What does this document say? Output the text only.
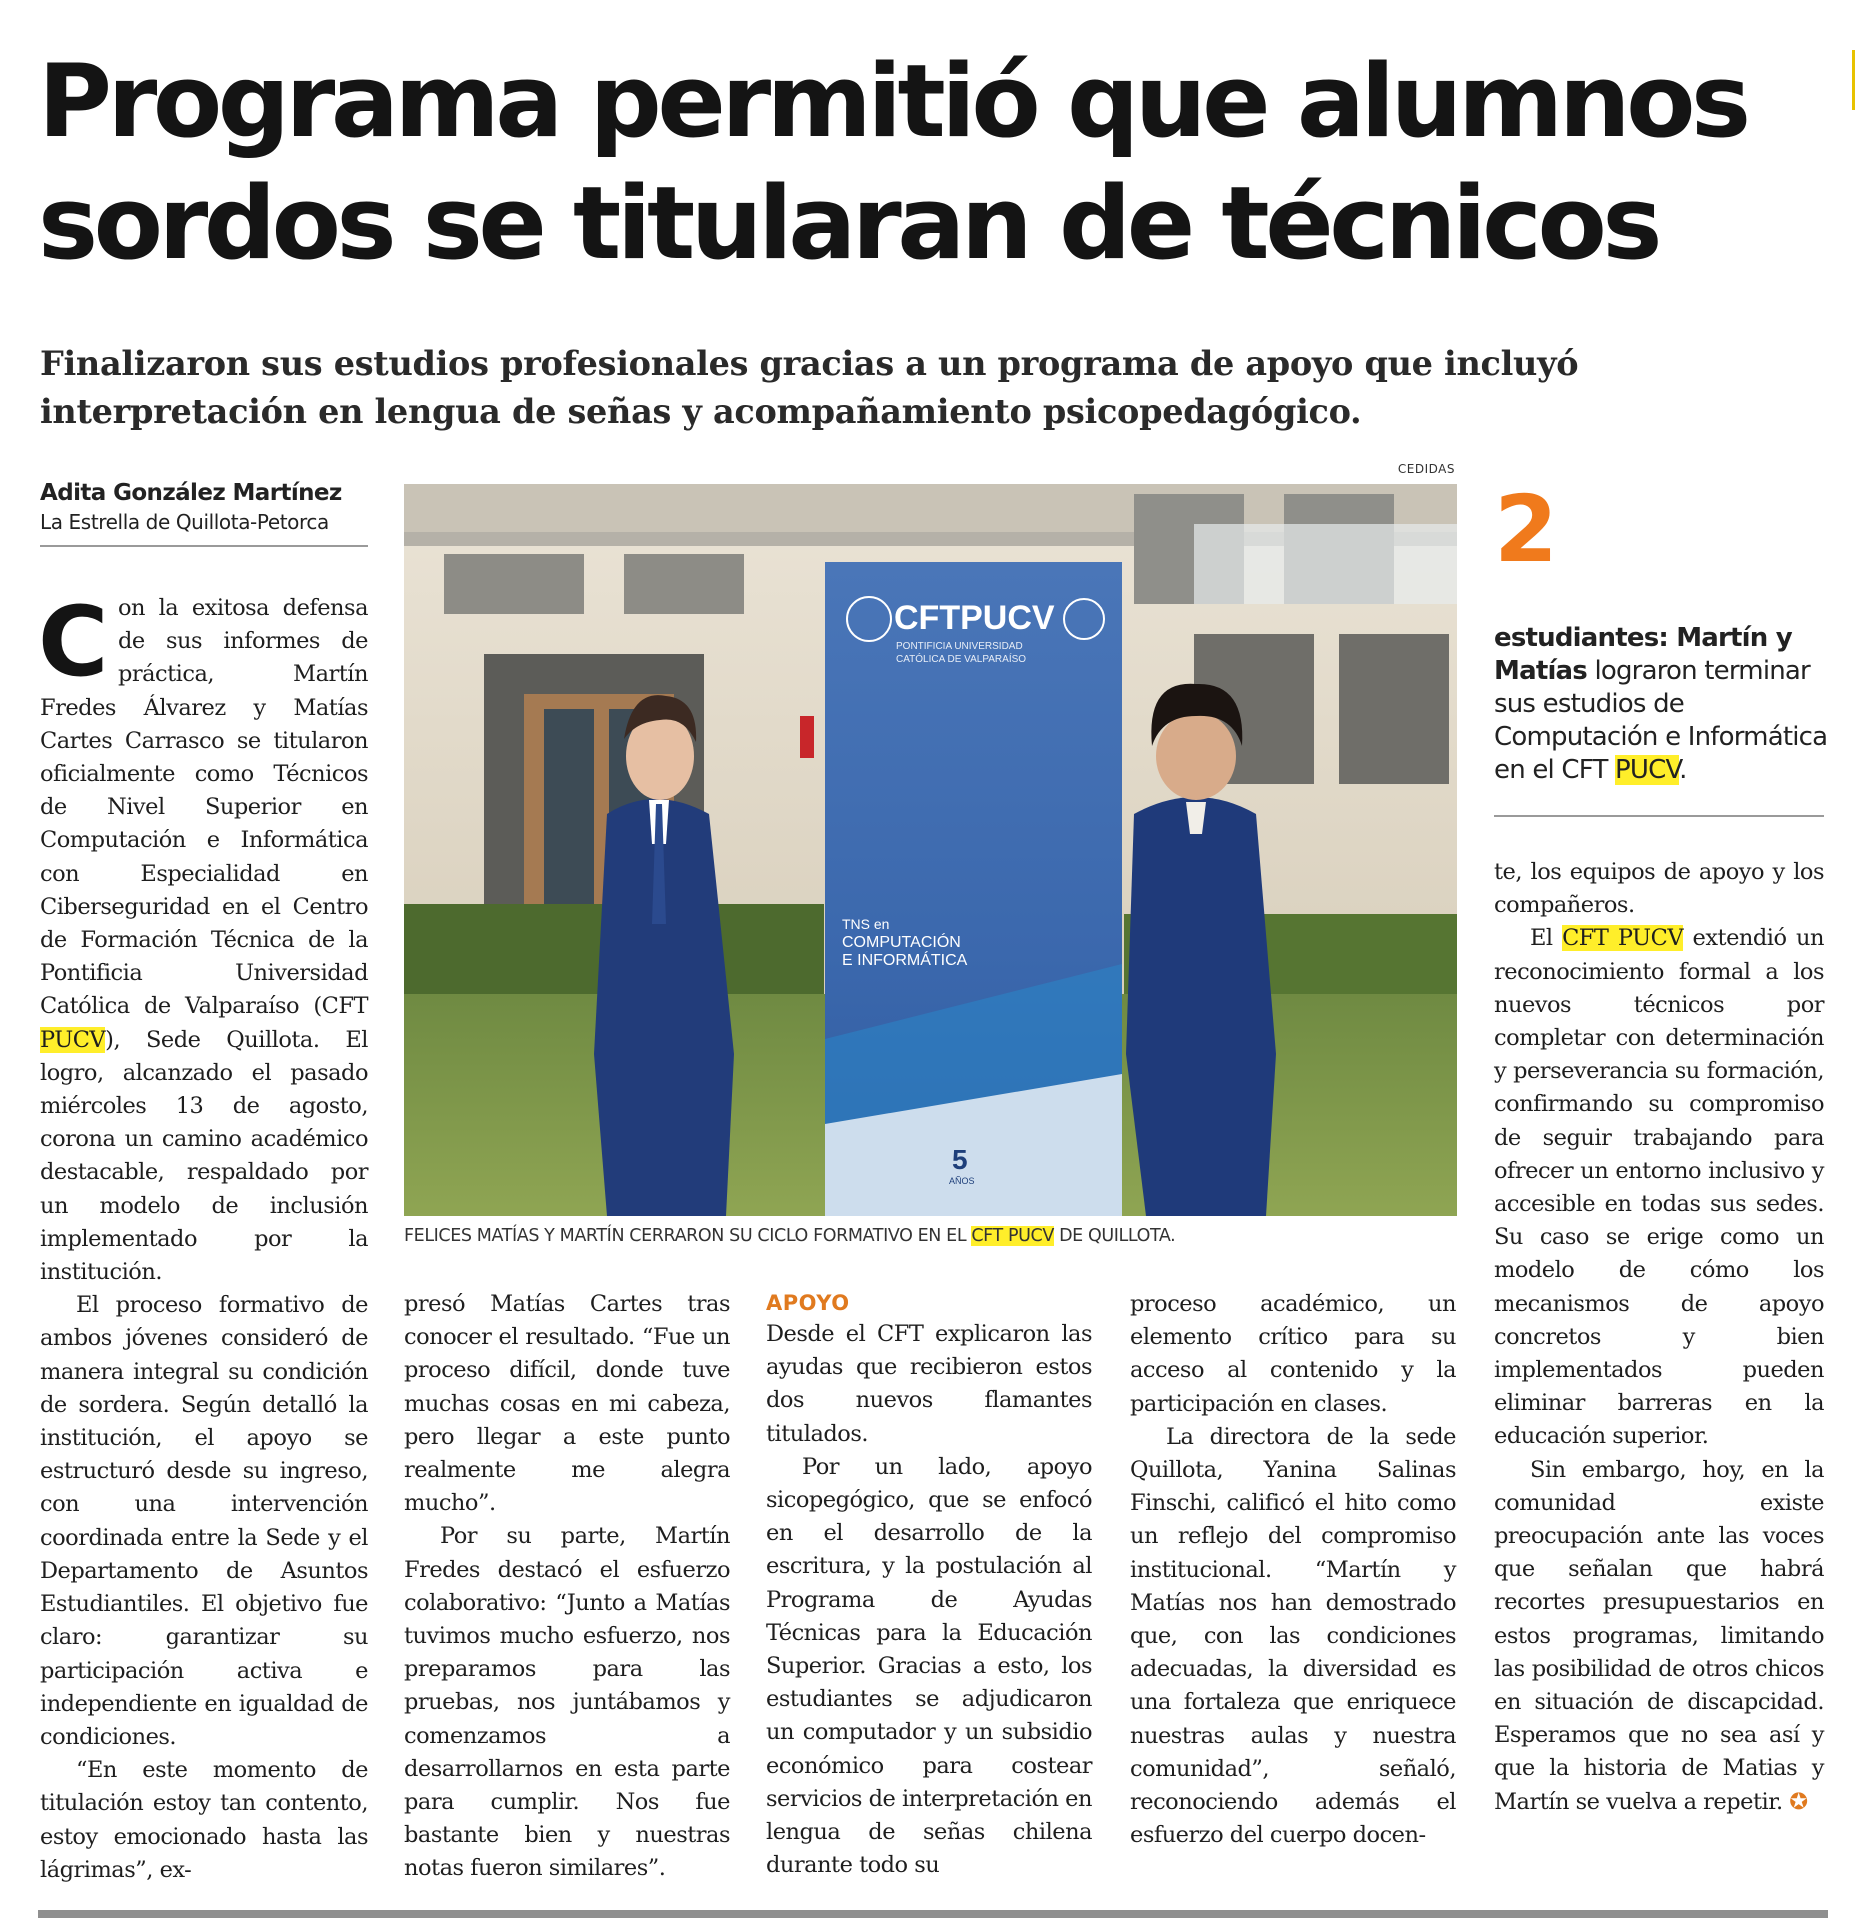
Programa permitió que alumnos
sordos se titularan de técnicos

Finalizaron sus estudios profesionales gracias a un programa de apoyo que incluyó interpretación en lengua de señas y acompañamiento psicopedagógico.

Adita González Martínez
La Estrella de Quillota-Petorca
CEDIDAS
CFTPUCV
PONTIFICIA UNIVERSIDAD
CATÓLICA DE VALPARAÍSO
TNS en
COMPUTACIÓN
E INFORMÁTICA
5
AÑOS
FELICES MATÍAS Y MARTÍN CERRARON SU CICLO FORMATIVO EN EL CFT PUCV DE QUILLOTA.
2
estudiantes: Martín y Matías lograron terminar sus estudios de Computación e Informática en el CFT PUCV.

Con la exitosa defensa de sus informes de práctica, Martín Fredes Álvarez y Matías Cartes Carrasco se titularon oficialmente como Técnicos de Nivel Superior en Computación e Informática con Especialidad en Ciberseguridad en el Centro de Formación Técnica de la Pontificia Universidad Católica de Valparaíso (CFT PUCV), Sede Quillota. El logro, alcanzado el pasado miércoles 13 de agosto, corona un camino académico destacable, respaldado por un modelo de inclusión implementado por la institución.

El proceso formativo de ambos jóvenes consideró de manera integral su condición de sordera. Según detalló la institución, el apoyo se estructuró desde su ingreso, con una intervención coordinada entre la Sede y el Departamento de Asuntos Estudiantiles. El objetivo fue claro: garantizar su participación activa e independiente en igualdad de condiciones.

“En este momento de titulación estoy tan contento, estoy emocionado hasta las lágrimas”, ex-

presó Matías Cartes tras conocer el resultado. “Fue un proceso difícil, donde tuve muchas cosas en mi cabeza, pero llegar a este punto realmente me alegra mucho”.

Por su parte, Martín Fredes destacó el esfuerzo colaborativo: “Junto a Matías tuvimos mucho esfuerzo, nos preparamos para las pruebas, nos juntábamos y comenzamos a desarrollarnos en esta parte para cumplir. Nos fue bastante bien y nuestras notas fueron similares”.

APOYO

Desde el CFT explicaron las ayudas que recibieron estos dos nuevos flamantes titulados.

Por un lado, apoyo sicopegógico, que se enfocó en el desarrollo de la escritura, y la postulación al Programa de Ayudas Técnicas para la Educación Superior. Gracias a esto, los estudiantes se adjudicaron un computador y un subsidio económico para costear servicios de interpretación en lengua de señas chilena durante todo su

proceso académico, un elemento crítico para su acceso al contenido y la participación en clases.

La directora de la sede Quillota, Yanina Salinas Finschi, calificó el hito como un reflejo del compromiso institucional. “Martín y Matías nos han demostrado que, con las condiciones adecuadas, la diversidad es una fortaleza que enriquece nuestras aulas y nuestra comunidad”, señaló, reconociendo además el esfuerzo del cuerpo docen-

te, los equipos de apoyo y los compañeros.

El CFT PUCV extendió un reconocimiento formal a los nuevos técnicos por completar con determinación y perseverancia su formación, confirmando su compromiso de seguir trabajando para ofrecer un entorno inclusivo y accesible en todas sus sedes. Su caso se erige como un modelo de cómo los mecanismos de apoyo concretos y bien implementados pueden eliminar barreras en la educación superior.

Sin embargo, hoy, en la comunidad existe preocupación ante las voces que señalan que habrá recortes presupuestarios en estos programas, limitando las posibilidad de otros chicos en situación de discapcidad. Esperamos que no sea así y que la historia de Matias y Martín se vuelva a repetir. ✪
